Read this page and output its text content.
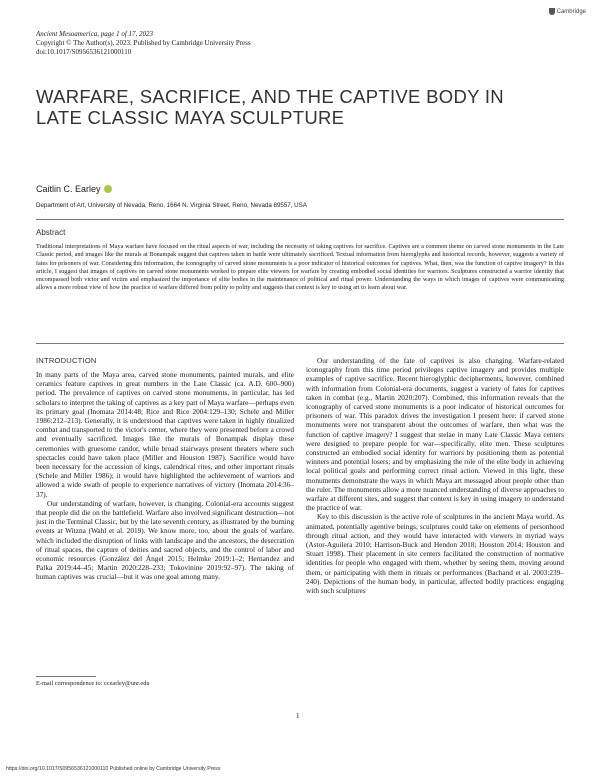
Cambridge
Ancient Mesoamerica, page 1 of 17, 2023
Copyright © The Author(s), 2023. Published by Cambridge University Press
doi:10.1017/S0956536121000110
WARFARE, SACRIFICE, AND THE CAPTIVE BODY IN
LATE CLASSIC MAYA SCULPTURE
Caitlin C. Earley
Department of Art, University of Nevada, Reno, 1664 N. Virginia Street, Reno, Nevada 89557, USA
Abstract
Traditional interpretations of Maya warfare have focused on the ritual aspects of war, including the necessity of taking captives for sacrifice. Captives are a common theme on carved stone monuments in the Late Classic period, and images like the murals at Bonampak suggest that captives taken in battle were ultimately sacrificed. Textual information from hieroglyphs and historical records, however, suggests a variety of fates for prisoners of war. Considering this information, the iconography of carved stone monuments is a poor indicator of historical outcomes for captives. What, then, was the function of captive imagery? In this article, I suggest that images of captives on carved stone monuments worked to prepare elite viewers for warfare by creating embodied social identities for warriors. Sculptures constructed a warrior identity that encompassed both victor and victim and emphasized the importance of elite bodies in the maintenance of political and ritual power. Understanding the ways in which images of captives were communicating allows a more robust view of how the practice of warfare differed from polity to polity and suggests that context is key to using art to learn about war.
INTRODUCTION

In many parts of the Maya area, carved stone monuments, painted murals, and elite ceramics feature captives in great numbers in the Late Classic (ca. A.D. 600–900) period. The prevalence of captives on carved stone monuments, in particular, has led scholars to interpret the taking of captives as a key part of Maya warfare—perhaps even its primary goal (Inomata 2014:48; Rice and Rice 2004:129–130; Schele and Miller 1986:212–213). Generally, it is understood that captives were taken in highly ritualized combat and transported to the victor's center, where they were presented before a crowd and eventually sacrificed. Images like the murals of Bonampak display these ceremonies with gruesome candor, while broad stairways present theaters where such spectacles could have taken place (Miller and Houston 1987). Sacrifice would have been necessary for the accession of kings, calendrical rites, and other important rituals (Schele and Miller 1986); it would have highlighted the achievement of warriors and allowed a wide swath of people to experience narratives of victory (Inomata 2014:36–37).

Our understanding of warfare, however, is changing. Colonial-era accounts suggest that people did die on the battlefield. Warfare also involved significant destruction—not just in the Terminal Classic, but by the late seventh century, as illustrated by the burning events at Witzna (Wahl et al. 2019). We know more, too, about the goals of warfare, which included the disruption of links with landscape and the ancestors, the desecration of ritual spaces, the capture of deities and sacred objects, and the control of labor and economic resources (González del Ángel 2015; Helmke 2019:1–2; Hernandez and Palka 2019:44–45; Martin 2020:228–233; Tokovinine 2019:92–97). The taking of human captives was crucial—but it was one goal among many.

Our understanding of the fate of captives is also changing. Warfare-related iconography from this time period privileges captive imagery and provides multiple examples of captive sacrifice. Recent hieroglyphic decipherments, however, combined with information from Colonial-era documents, suggest a variety of fates for captives taken in combat (e.g., Martin 2020:207). Combined, this information reveals that the iconography of carved stone monuments is a poor indicator of historical outcomes for prisoners of war. This paradox drives the investigation I present here: if carved stone monuments were not transparent about the outcomes of warfare, then what was the function of captive imagery? I suggest that stelae in many Late Classic Maya centers were designed to prepare people for war—specifically, elite men. These sculptures constructed an embodied social identity for warriors by positioning them as potential winners and potential losers; and by emphasizing the role of the elite body in achieving local political goals and performing correct ritual action. Viewed in this light, these monuments demonstrate the ways in which Maya art messaged about people other than the ruler. The monuments allow a more nuanced understanding of diverse approaches to warfare at different sites, and suggest that context is key in using imagery to understand the practice of war.

Key to this discussion is the active role of sculptures in the ancient Maya world. As animated, potentially agentive beings, sculptures could take on elements of personhood through ritual action, and they would have interacted with viewers in myriad ways (Astor-Aguilera 2010; Harrison-Buck and Hendon 2018; Houston 2014; Houston and Stuart 1998). Their placement in site centers facilitated the construction of normative identities for people who engaged with them, whether by seeing them, moving around them, or participating with them in rituals or performances (Bachand et al. 2003:239–240). Depictions of the human body, in particular, affected bodily practices: engaging with such sculptures

E-mail correspondence to: ccearley@unr.edu
1
https://doi.org/10.1017/S0956536121000110 Published online by Cambridge University Press
